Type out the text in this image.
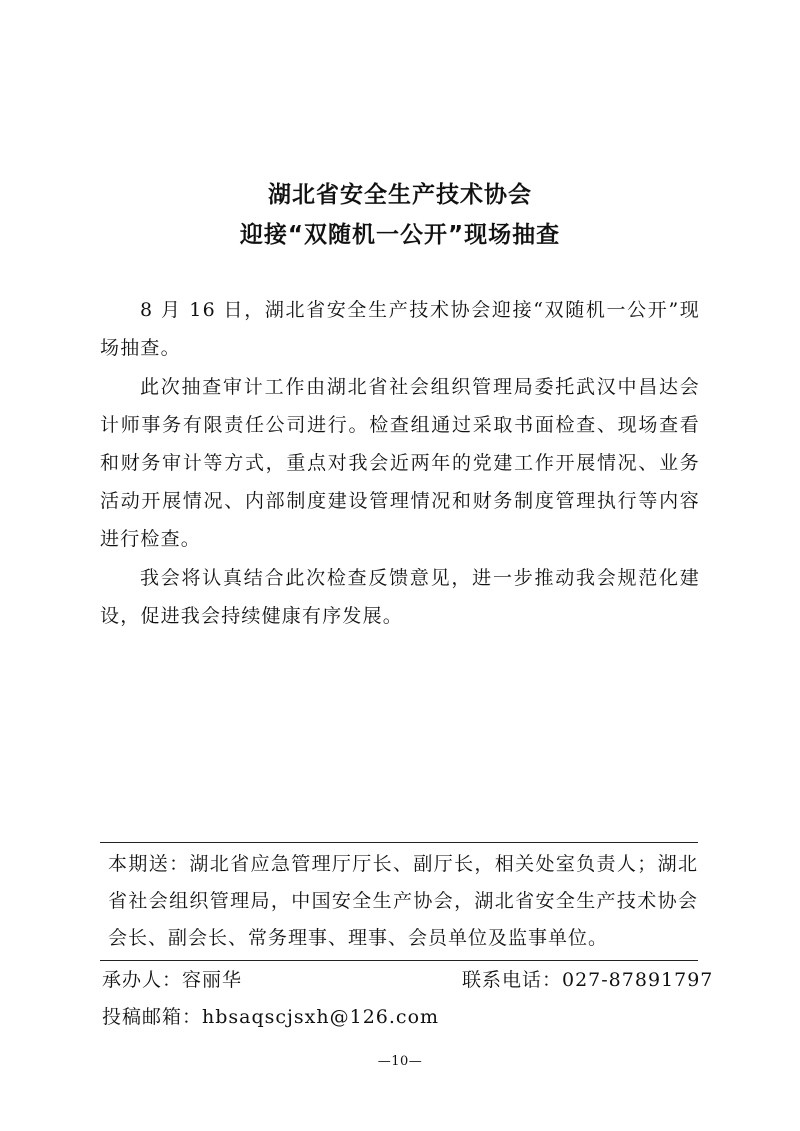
湖北省安全生产技术协会
迎接“双随机一公开”现场抽查
8 月 16 日，湖北省安全生产技术协会迎接“双随机一公开”现场抽查。
此次抽查审计工作由湖北省社会组织管理局委托武汉中昌达会计师事务有限责任公司进行。检查组通过采取书面检查、现场查看和财务审计等方式，重点对我会近两年的党建工作开展情况、业务活动开展情况、内部制度建设管理情况和财务制度管理执行等内容进行检查。
我会将认真结合此次检查反馈意见，进一步推动我会规范化建设，促进我会持续健康有序发展。
本期送：湖北省应急管理厅厅长、副厅长，相关处室负责人；湖北省社会组织管理局，中国安全生产协会，湖北省安全生产技术协会会长、副会长、常务理事、理事、会员单位及监事单位。
承办人：容丽华	联系电话：027-87891797
投稿邮箱：hbsaqscjsxh@126.com
—10—
